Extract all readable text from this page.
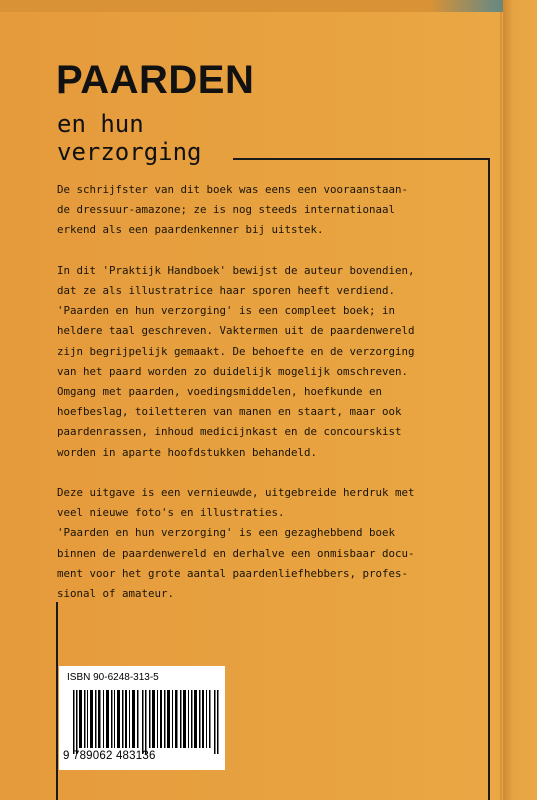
PAARDEN
en hun
verzorging

De schrijfster van dit boek was eens een vooraanstaan-
de dressuur-amazone; ze is nog steeds internationaal
erkend als een paardenkenner bij uitstek.

In dit 'Praktijk Handboek' bewijst de auteur bovendien,
dat ze als illustratrice haar sporen heeft verdiend.
'Paarden en hun verzorging' is een compleet boek; in
heldere taal geschreven. Vaktermen uit de paardenwereld
zijn begrijpelijk gemaakt. De behoefte en de verzorging
van het paard worden zo duidelijk mogelijk omschreven.
Omgang met paarden, voedingsmiddelen, hoefkunde en
hoefbeslag, toiletteren van manen en staart, maar ook
paardenrassen, inhoud medicijnkast en de concourskist
worden in aparte hoofdstukken behandeld.

Deze uitgave is een vernieuwde, uitgebreide herdruk met
veel nieuwe foto's en illustraties.
'Paarden en hun verzorging' is een gezaghebbend boek
binnen de paardenwereld en derhalve een onmisbaar docu-
ment voor het grote aantal paardenliefhebbers, profes-
sional of amateur.

ISBN 90-6248-313-5
9 789062 483136
